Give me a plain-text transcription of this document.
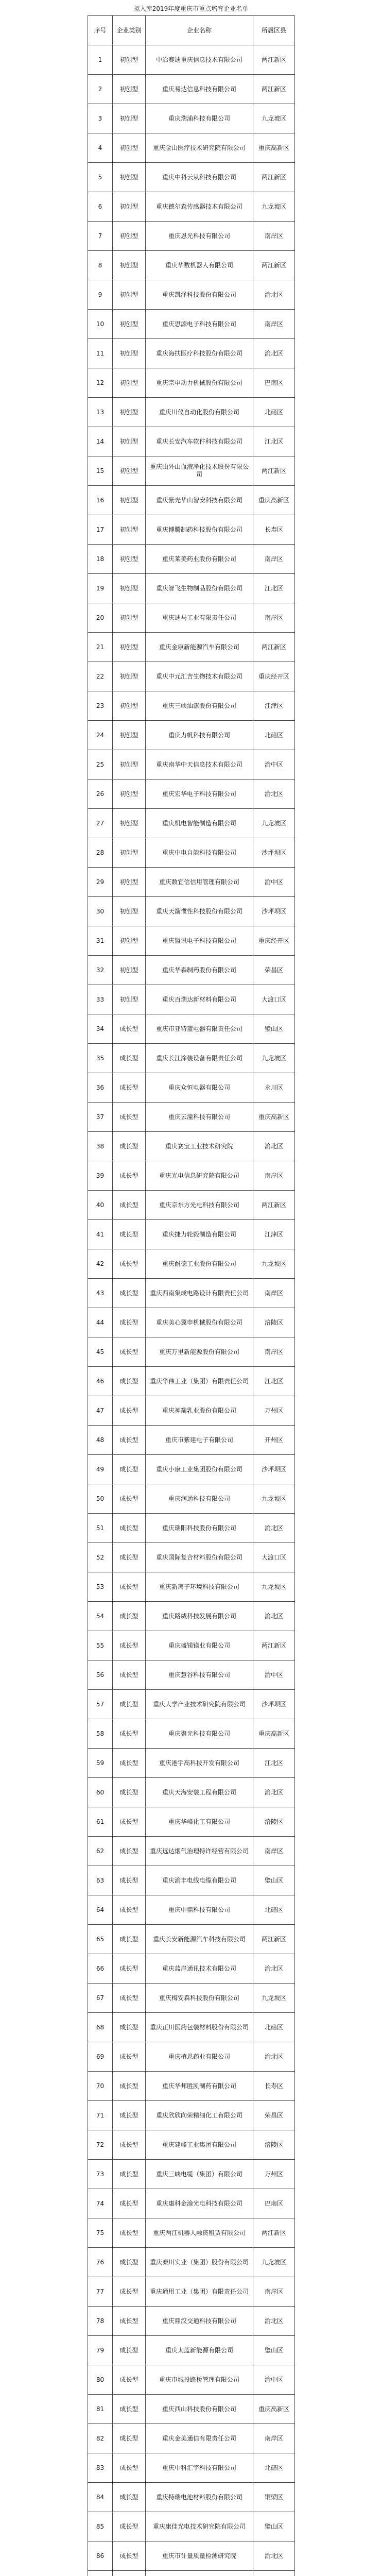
拟入库2019年度重庆市重点培育企业名单
序号	企业类别	企业名称	所属区县
1	初创型	中冶赛迪重庆信息技术有限公司	两江新区
2	初创型	重庆易达信息科技有限公司	两江新区
3	初创型	重庆瑞浦科技有限公司	九龙坡区
4	初创型	重庆金山医疗技术研究院有限公司	重庆高新区
5	初创型	重庆中科云从科技有限公司	两江新区
6	初创型	重庆德尔森传感器技术有限公司	九龙坡区
7	初创型	重庆恩光科技有限公司	南岸区
8	初创型	重庆华数机器人有限公司	两江新区
9	初创型	重庆凯泽科技股份有限公司	渝北区
10	初创型	重庆思源电子科技有限公司	南岸区
11	初创型	重庆海扶医疗科技股份有限公司	渝北区
12	初创型	重庆宗申动力机械股份有限公司	巴南区
13	初创型	重庆川仪自动化股份有限公司	北碚区
14	初创型	重庆长安汽车软件科技有限公司	江北区
15	初创型	重庆山外山血液净化技术股份有限公司	两江新区
16	初创型	重庆紫光华山智安科技有限公司	重庆高新区
17	初创型	重庆博腾制药科技股份有限公司	长寿区
18	初创型	重庆莱美药业股份有限公司	南岸区
19	初创型	重庆智飞生物制品股份有限公司	江北区
20	初创型	重庆迪马工业有限责任公司	南岸区
21	初创型	重庆金康新能源汽车有限公司	两江新区
22	初创型	重庆中元汇吉生物技术有限公司	重庆经开区
23	初创型	重庆三峡油漆股份有限公司	江津区
24	初创型	重庆力帆科技有限公司	北碚区
25	初创型	重庆南华中天信息技术有限公司	渝中区
26	初创型	重庆宏华电子科技有限公司	渝北区
27	初创型	重庆机电智能制造有限公司	九龙坡区
28	初创型	重庆中电自能科技有限公司	沙坪坝区
29	初创型	重庆数宜信信用管理有限公司	渝中区
30	初创型	重庆天箭惯性科技股份有限公司	沙坪坝区
31	初创型	重庆盟讯电子科技有限公司	重庆经开区
32	初创型	重庆华森制药股份有限公司	荣昌区
33	初创型	重庆百瑞达新材料有限公司	大渡口区
34	成长型	重庆市亚特蓝电器有限责任公司	璧山区
35	成长型	重庆长江涂装设备有限责任公司	九龙坡区
36	成长型	重庆众恒电器有限公司	永川区
37	成长型	重庆云潼科技有限公司	重庆高新区
38	成长型	重庆赛宝工业技术研究院	渝北区
39	成长型	重庆光电信息研究院有限公司	南岸区
40	成长型	重庆京东方光电科技有限公司	两江新区
41	成长型	重庆捷力轮毂制造有限公司	江津区
42	成长型	重庆耐德工业股份有限公司	九龙坡区
43	成长型	重庆西南集成电路设计有限责任公司	南岸区
44	成长型	重庆美心翼申机械股份有限公司	涪陵区
45	成长型	重庆万里新能源股份有限公司	南岸区
46	成长型	重庆华伟工业（集团）有限责任公司	江北区
47	成长型	重庆神箭乳业股份有限公司	万州区
48	成长型	重庆市紫建电子有限公司	开州区
49	成长型	重庆小康工业集团股份有限公司	沙坪坝区
50	成长型	重庆润通科技有限公司	九龙坡区
51	成长型	重庆瑞阳科技股份有限公司	渝北区
52	成长型	重庆国际复合材料股份有限公司	大渡口区
53	成长型	重庆新离子环境科技有限公司	九龙坡区
54	成长型	重庆路威科技发展有限公司	渝北区
55	成长型	重庆盛镁镁业有限公司	两江新区
56	成长型	重庆慧谷科技有限公司	渝中区
57	成长型	重庆大学产业技术研究院有限公司	沙坪坝区
58	成长型	重庆聚光科技有限公司	重庆高新区
59	成长型	重庆港宇高科技开发有限公司	江北区
60	成长型	重庆天海安装工程有限公司	渝北区
61	成长型	重庆华峰化工有限公司	涪陵区
62	成长型	重庆远达烟气治理特许经营有限公司	南岸区
63	成长型	重庆渝丰电线电缆有限公司	璧山区
64	成长型	重庆中鼎科技有限公司	北碚区
65	成长型	重庆长安新能源汽车科技有限公司	两江新区
66	成长型	重庆蓝岸通讯技术有限公司	渝北区
67	成长型	重庆梅安森科技股份有限公司	九龙坡区
68	成长型	重庆正川医药包装材料股份有限公司	北碚区
69	成长型	重庆植恩药业有限公司	渝北区
70	成长型	重庆华邦胜凯制药有限公司	长寿区
71	成长型	重庆欣欣向荣精细化工有限公司	荣昌区
72	成长型	重庆建峰工业集团有限公司	涪陵区
73	成长型	重庆三峡电缆（集团）有限公司	万州区
74	成长型	重庆惠科金渝光电科技有限公司	巴南区
75	成长型	重庆两江机器人融资租赁有限公司	两江新区
76	成长型	重庆秦川实业（集团）股份有限公司	九龙坡区
77	成长型	重庆通用工业（集团）有限责任公司	南岸区
78	成长型	重庆鼎汉交通科技有限公司	渝北区
79	成长型	重庆太蓝新能源有限公司	璧山区
80	成长型	重庆市城投路桥管理有限公司	渝中区
81	成长型	重庆西山科技股份有限公司	重庆高新区
82	成长型	重庆金美通信有限责任公司	南岸区
83	成长型	重庆中科汇宇科技有限公司	北碚区
84	成长型	重庆特瑞电池材料股份有限公司	铜梁区
85	成长型	重庆康佳光电技术研究院有限公司	璧山区
86	成长型	重庆市计量质量检测研究院	渝北区
